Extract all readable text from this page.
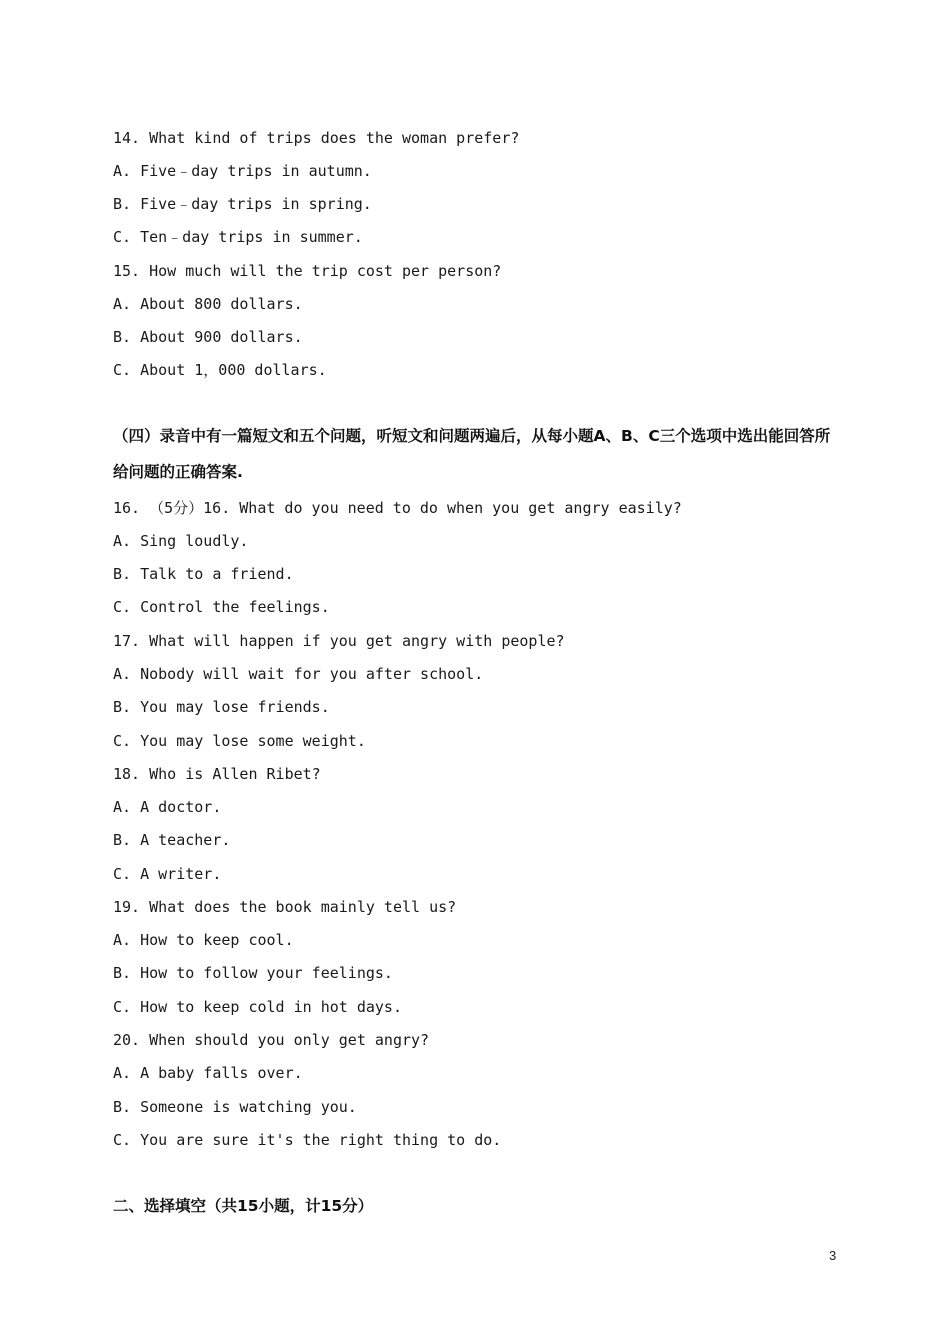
14. What kind of trips does the woman prefer?
A. Five﹣day trips in autumn.
B. Five﹣day trips in spring.
C. Ten﹣day trips in summer.
15. How much will the trip cost per person?
A. About 800 dollars.
B. About 900 dollars.
C. About 1，000 dollars.
（四）录音中有一篇短文和五个问题，听短文和问题两遍后，从每小题A、B、C三个选项中选出能回答所给问题的正确答案.
16. （5分）16. What do you need to do when you get angry easily?
A. Sing loudly.
B. Talk to a friend.
C. Control the feelings.
17. What will happen if you get angry with people?
A. Nobody will wait for you after school.
B. You may lose friends.
C. You may lose some weight.
18. Who is Allen Ribet?
A. A doctor.
B. A teacher.
C. A writer.
19. What does the book mainly tell us?
A. How to keep cool.
B. How to follow your feelings.
C. How to keep cold in hot days.
20. When should you only get angry?
A. A baby falls over.
B. Someone is watching you.
C. You are sure it's the right thing to do.
二、选择填空（共15小题，计15分）
3
